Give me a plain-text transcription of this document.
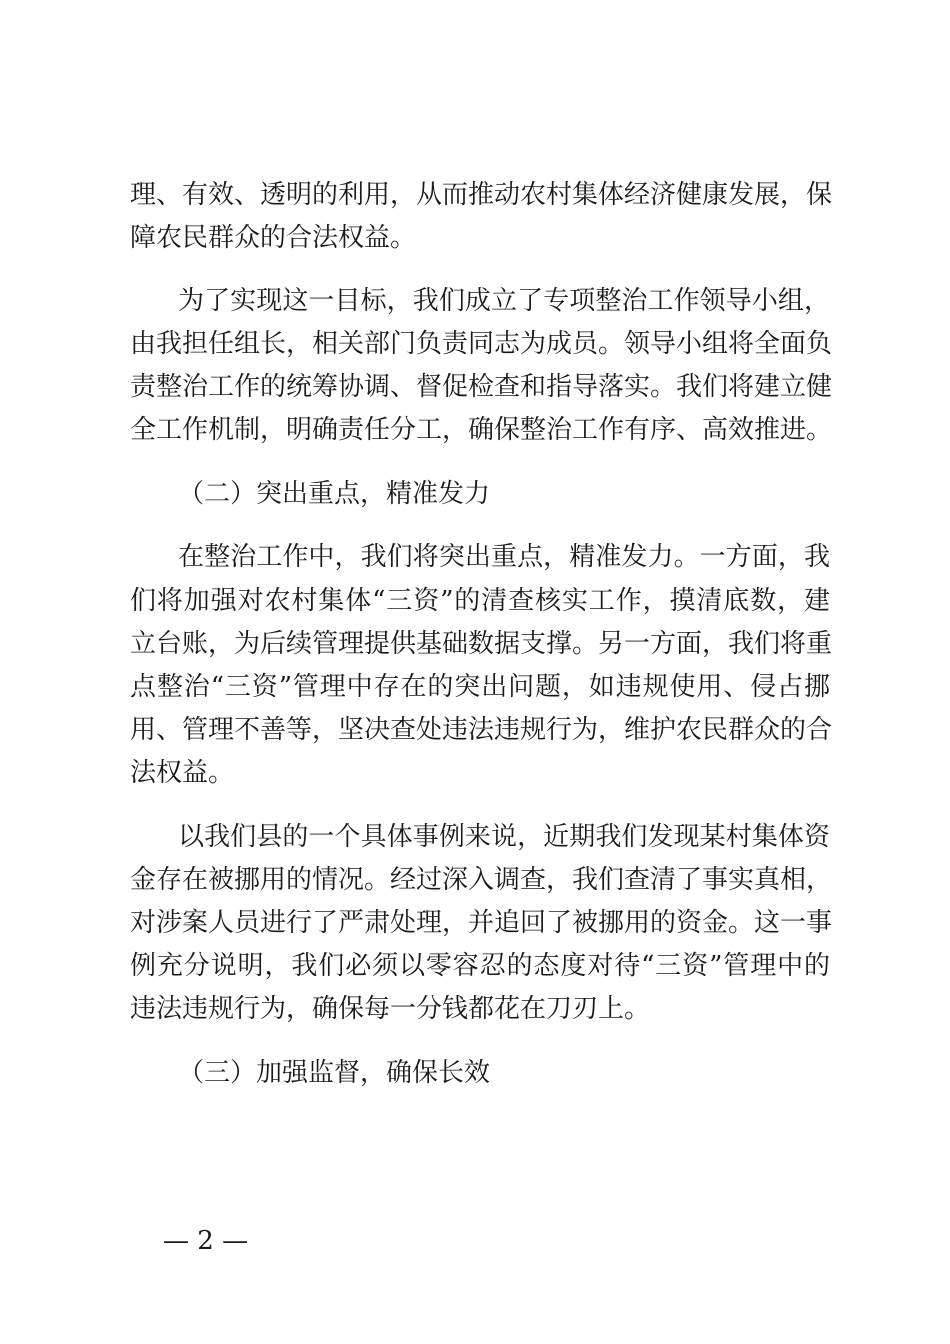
理、有效、透明的利用，从而推动农村集体经济健康发展，保
障农民群众的合法权益。
为了实现这一目标，我们成立了专项整治工作领导小组，
由我担任组长，相关部门负责同志为成员。领导小组将全面负
责整治工作的统筹协调、督促检查和指导落实。我们将建立健
全工作机制，明确责任分工，确保整治工作有序、高效推进。
（二）突出重点，精准发力
在整治工作中，我们将突出重点，精准发力。一方面，我
们将加强对农村集体“三资”的清查核实工作，摸清底数，建
立台账，为后续管理提供基础数据支撑。另一方面，我们将重
点整治“三资”管理中存在的突出问题，如违规使用、侵占挪
用、管理不善等，坚决查处违法违规行为，维护农民群众的合
法权益。
以我们县的一个具体事例来说，近期我们发现某村集体资
金存在被挪用的情况。经过深入调查，我们查清了事实真相，
对涉案人员进行了严肃处理，并追回了被挪用的资金。这一事
例充分说明，我们必须以零容忍的态度对待“三资”管理中的
违法违规行为，确保每一分钱都花在刀刃上。
（三）加强监督，确保长效
— 2 —
